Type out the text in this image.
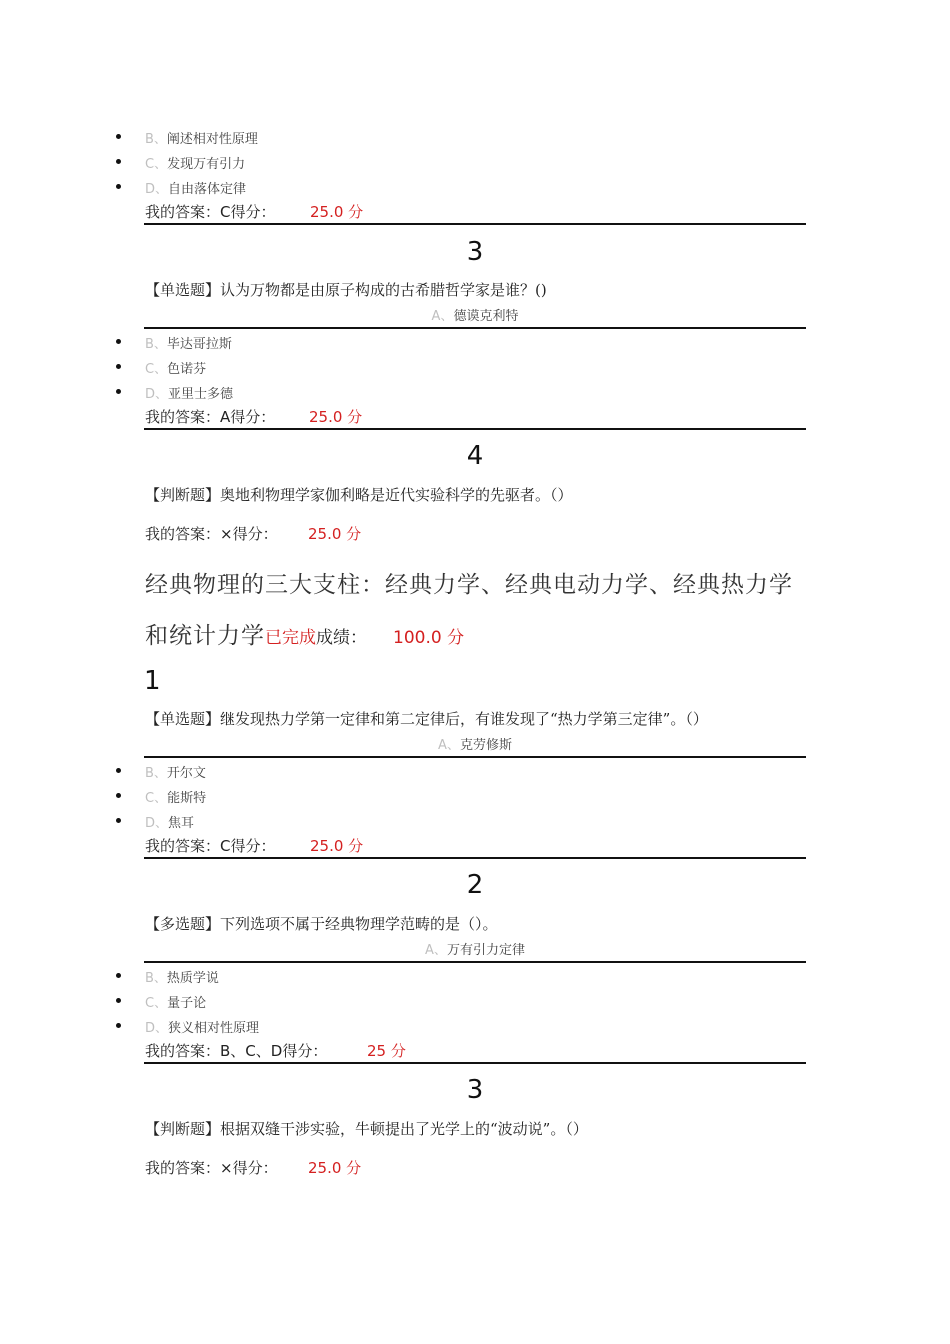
B、阐述相对性原理
C、发现万有引力
D、自由落体定律
我的答案：C得分： 25.0 分
3
【单选题】认为万物都是由原子构成的古希腊哲学家是谁？()
A、德谟克利特
B、毕达哥拉斯
C、色诺芬
D、亚里士多德
我的答案：A得分： 25.0 分
4
【判断题】奥地利物理学家伽利略是近代实验科学的先驱者。（）
我的答案：×得分： 25.0 分
经典物理的三大支柱：经典力学、经典电动力学、经典热力学
和统计力学已完成成绩： 100.0 分
1
【单选题】继发现热力学第一定律和第二定律后，有谁发现了“热力学第三定律”。（）
A、克劳修斯
B、开尔文
C、能斯特
D、焦耳
我的答案：C得分： 25.0 分
2
【多选题】下列选项不属于经典物理学范畴的是（）。
A、万有引力定律
B、热质学说
C、量子论
D、狭义相对性原理
我的答案：B、C、D得分：	25 分
3
【判断题】根据双缝干涉实验，牛顿提出了光学上的“波动说”。（）
我的答案：×得分： 25.0 分
